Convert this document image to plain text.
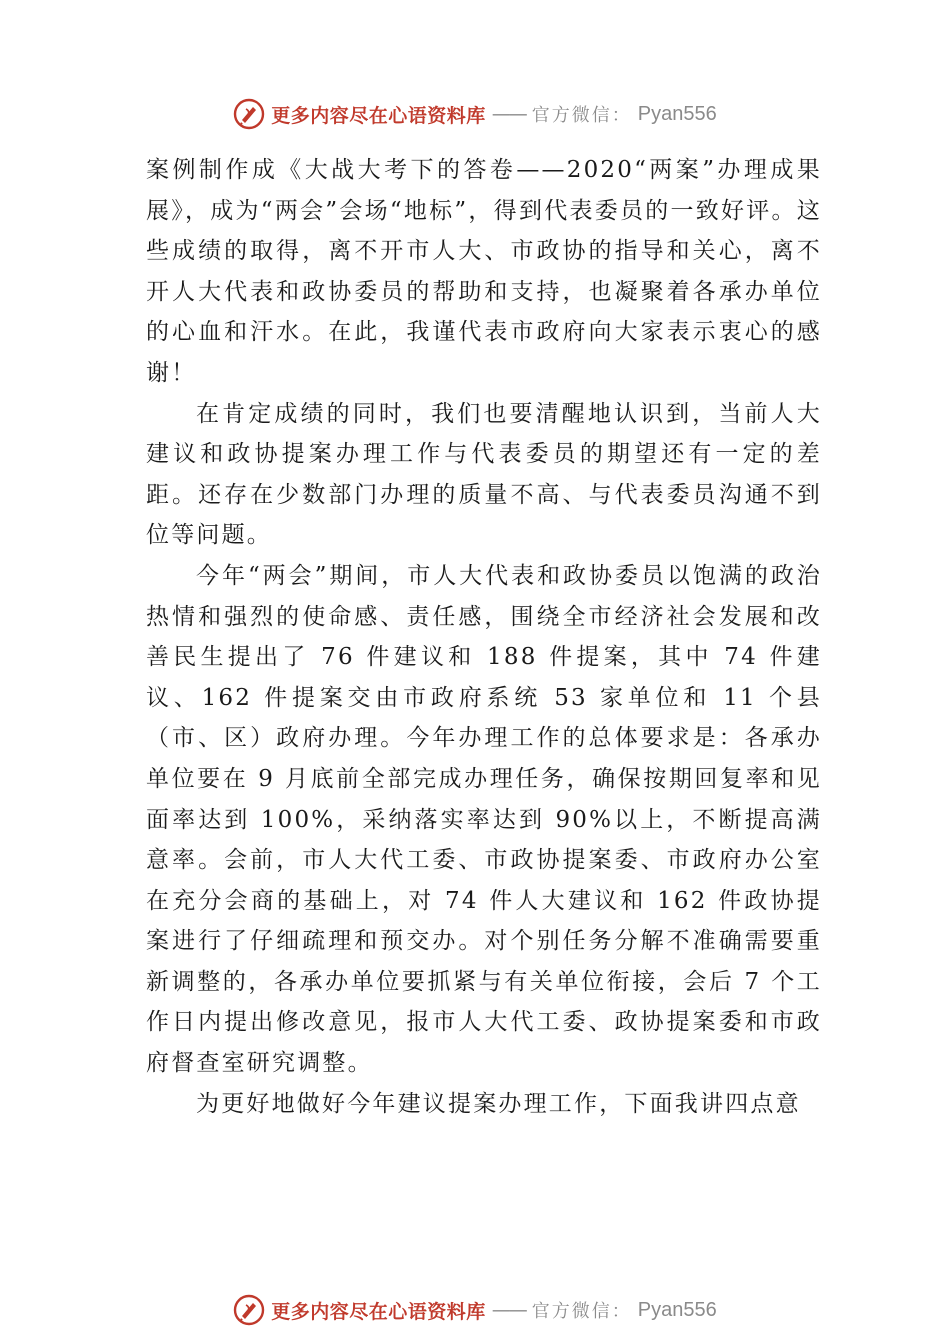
更多内容尽在心语资料库 —— 官方微信： Pyan556

案例制作成《大战大考下的答卷——2020“两案”办理成果展》，成为“两会”会场“地标”，得到代表委员的一致好评。这些成绩的取得，离不开市人大、市政协的指导和关心，离不开人大代表和政协委员的帮助和支持，也凝聚着各承办单位的心血和汗水。在此，我谨代表市政府向大家表示衷心的感谢！

在肯定成绩的同时，我们也要清醒地认识到，当前人大建议和政协提案办理工作与代表委员的期望还有一定的差距。还存在少数部门办理的质量不高、与代表委员沟通不到位等问题。

今年“两会”期间，市人大代表和政协委员以饱满的政治热情和强烈的使命感、责任感，围绕全市经济社会发展和改善民生提出了 76 件建议和 188 件提案，其中 74 件建议、162 件提案交由市政府系统 53 家单位和 11 个县（市、区）政府办理。今年办理工作的总体要求是：各承办单位要在 9 月底前全部完成办理任务，确保按期回复率和见面率达到 100%，采纳落实率达到 90%以上，不断提高满意率。会前，市人大代工委、市政协提案委、市政府办公室在充分会商的基础上，对 74 件人大建议和 162 件政协提案进行了仔细疏理和预交办。对个别任务分解不准确需要重新调整的，各承办单位要抓紧与有关单位衔接，会后 7 个工作日内提出修改意见，报市人大代工委、政协提案委和市政府督查室研究调整。

为更好地做好今年建议提案办理工作，下面我讲四点意

更多内容尽在心语资料库 —— 官方微信： Pyan556
